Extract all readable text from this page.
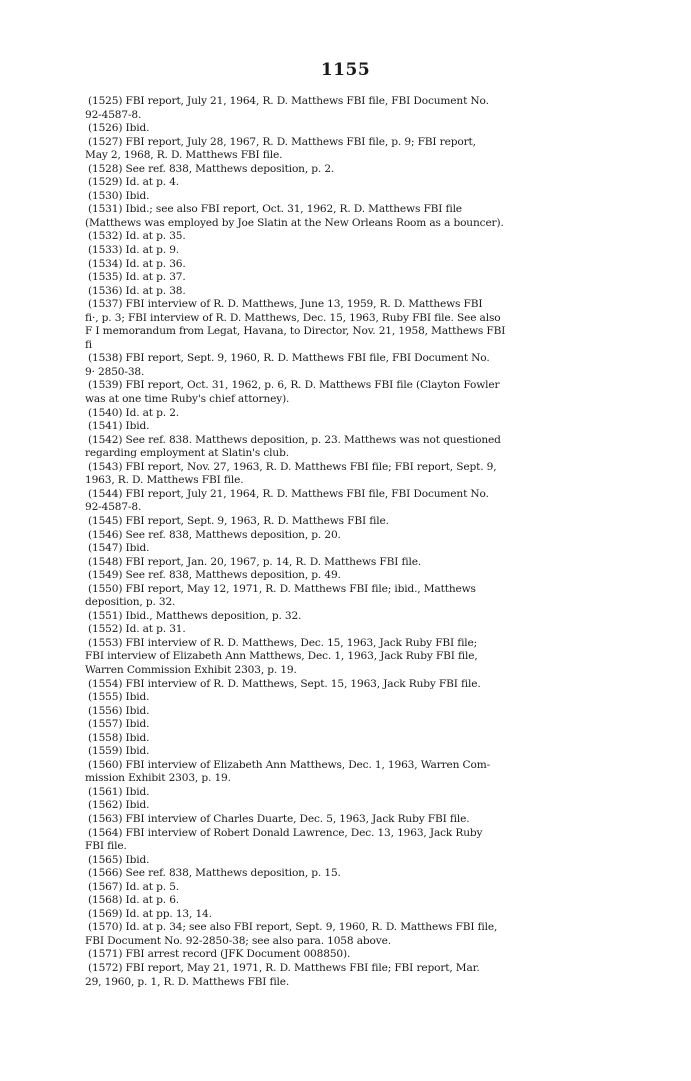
1155

(1525) FBI report, July 21, 1964, R. D. Matthews FBI file, FBI Document No.

92-4587-8.

(1526) Ibid.

(1527) FBI report, July 28, 1967, R. D. Matthews FBI file, p. 9; FBI report,

May 2, 1968, R. D. Matthews FBI file.

(1528) See ref. 838, Matthews deposition, p. 2.

(1529) Id. at p. 4.

(1530) Ibid.

(1531) Ibid.; see also FBI report, Oct. 31, 1962, R. D. Matthews FBI file

(Matthews was employed by Joe Slatin at the New Orleans Room as a bouncer).

(1532) Id. at p. 35.

(1533) Id. at p. 9.

(1534) Id. at p. 36.

(1535) Id. at p. 37.

(1536) Id. at p. 38.

(1537) FBI interview of R. D. Matthews, June 13, 1959, R. D. Matthews FBI

fi·, p. 3; FBI interview of R. D. Matthews, Dec. 15, 1963, Ruby FBI file. See also

F I memorandum from Legat, Havana, to Director, Nov. 21, 1958, Matthews FBI

fi

(1538) FBI report, Sept. 9, 1960, R. D. Matthews FBI file, FBI Document No.

9· 2850-38.

(1539) FBI report, Oct. 31, 1962, p. 6, R. D. Matthews FBI file (Clayton Fowler

was at one time Ruby's chief attorney).

(1540) Id. at p. 2.

(1541) Ibid.

(1542) See ref. 838. Matthews deposition, p. 23. Matthews was not questioned

regarding employment at Slatin's club.

(1543) FBI report, Nov. 27, 1963, R. D. Matthews FBI file; FBI report, Sept. 9,

1963, R. D. Matthews FBI file.

(1544) FBI report, July 21, 1964, R. D. Matthews FBI file, FBI Document No.

92-4587-8.

(1545) FBI report, Sept. 9, 1963, R. D. Matthews FBI file.

(1546) See ref. 838, Matthews deposition, p. 20.

(1547) Ibid.

(1548) FBI report, Jan. 20, 1967, p. 14, R. D. Matthews FBI file.

(1549) See ref. 838, Matthews deposition, p. 49.

(1550) FBI report, May 12, 1971, R. D. Matthews FBI file; ibid., Matthews

deposition, p. 32.

(1551) Ibid., Matthews deposition, p. 32.

(1552) Id. at p. 31.

(1553) FBI interview of R. D. Matthews, Dec. 15, 1963, Jack Ruby FBI file;

FBI interview of Elizabeth Ann Matthews, Dec. 1, 1963, Jack Ruby FBI file,

Warren Commission Exhibit 2303, p. 19.

(1554) FBI interview of R. D. Matthews, Sept. 15, 1963, Jack Ruby FBI file.

(1555) Ibid.

(1556) Ibid.

(1557) Ibid.

(1558) Ibid.

(1559) Ibid.

(1560) FBI interview of Elizabeth Ann Matthews, Dec. 1, 1963, Warren Com-

mission Exhibit 2303, p. 19.

(1561) Ibid.

(1562) Ibid.

(1563) FBI interview of Charles Duarte, Dec. 5, 1963, Jack Ruby FBI file.

(1564) FBI interview of Robert Donald Lawrence, Dec. 13, 1963, Jack Ruby

FBI file.

(1565) Ibid.

(1566) See ref. 838, Matthews deposition, p. 15.

(1567) Id. at p. 5.

(1568) Id. at p. 6.

(1569) Id. at pp. 13, 14.

(1570) Id. at p. 34; see also FBI report, Sept. 9, 1960, R. D. Matthews FBI file,

FBI Document No. 92-2850-38; see also para. 1058 above.

(1571) FBI arrest record (JFK Document 008850).

(1572) FBI report, May 21, 1971, R. D. Matthews FBI file; FBI report, Mar.

29, 1960, p. 1, R. D. Matthews FBI file.
